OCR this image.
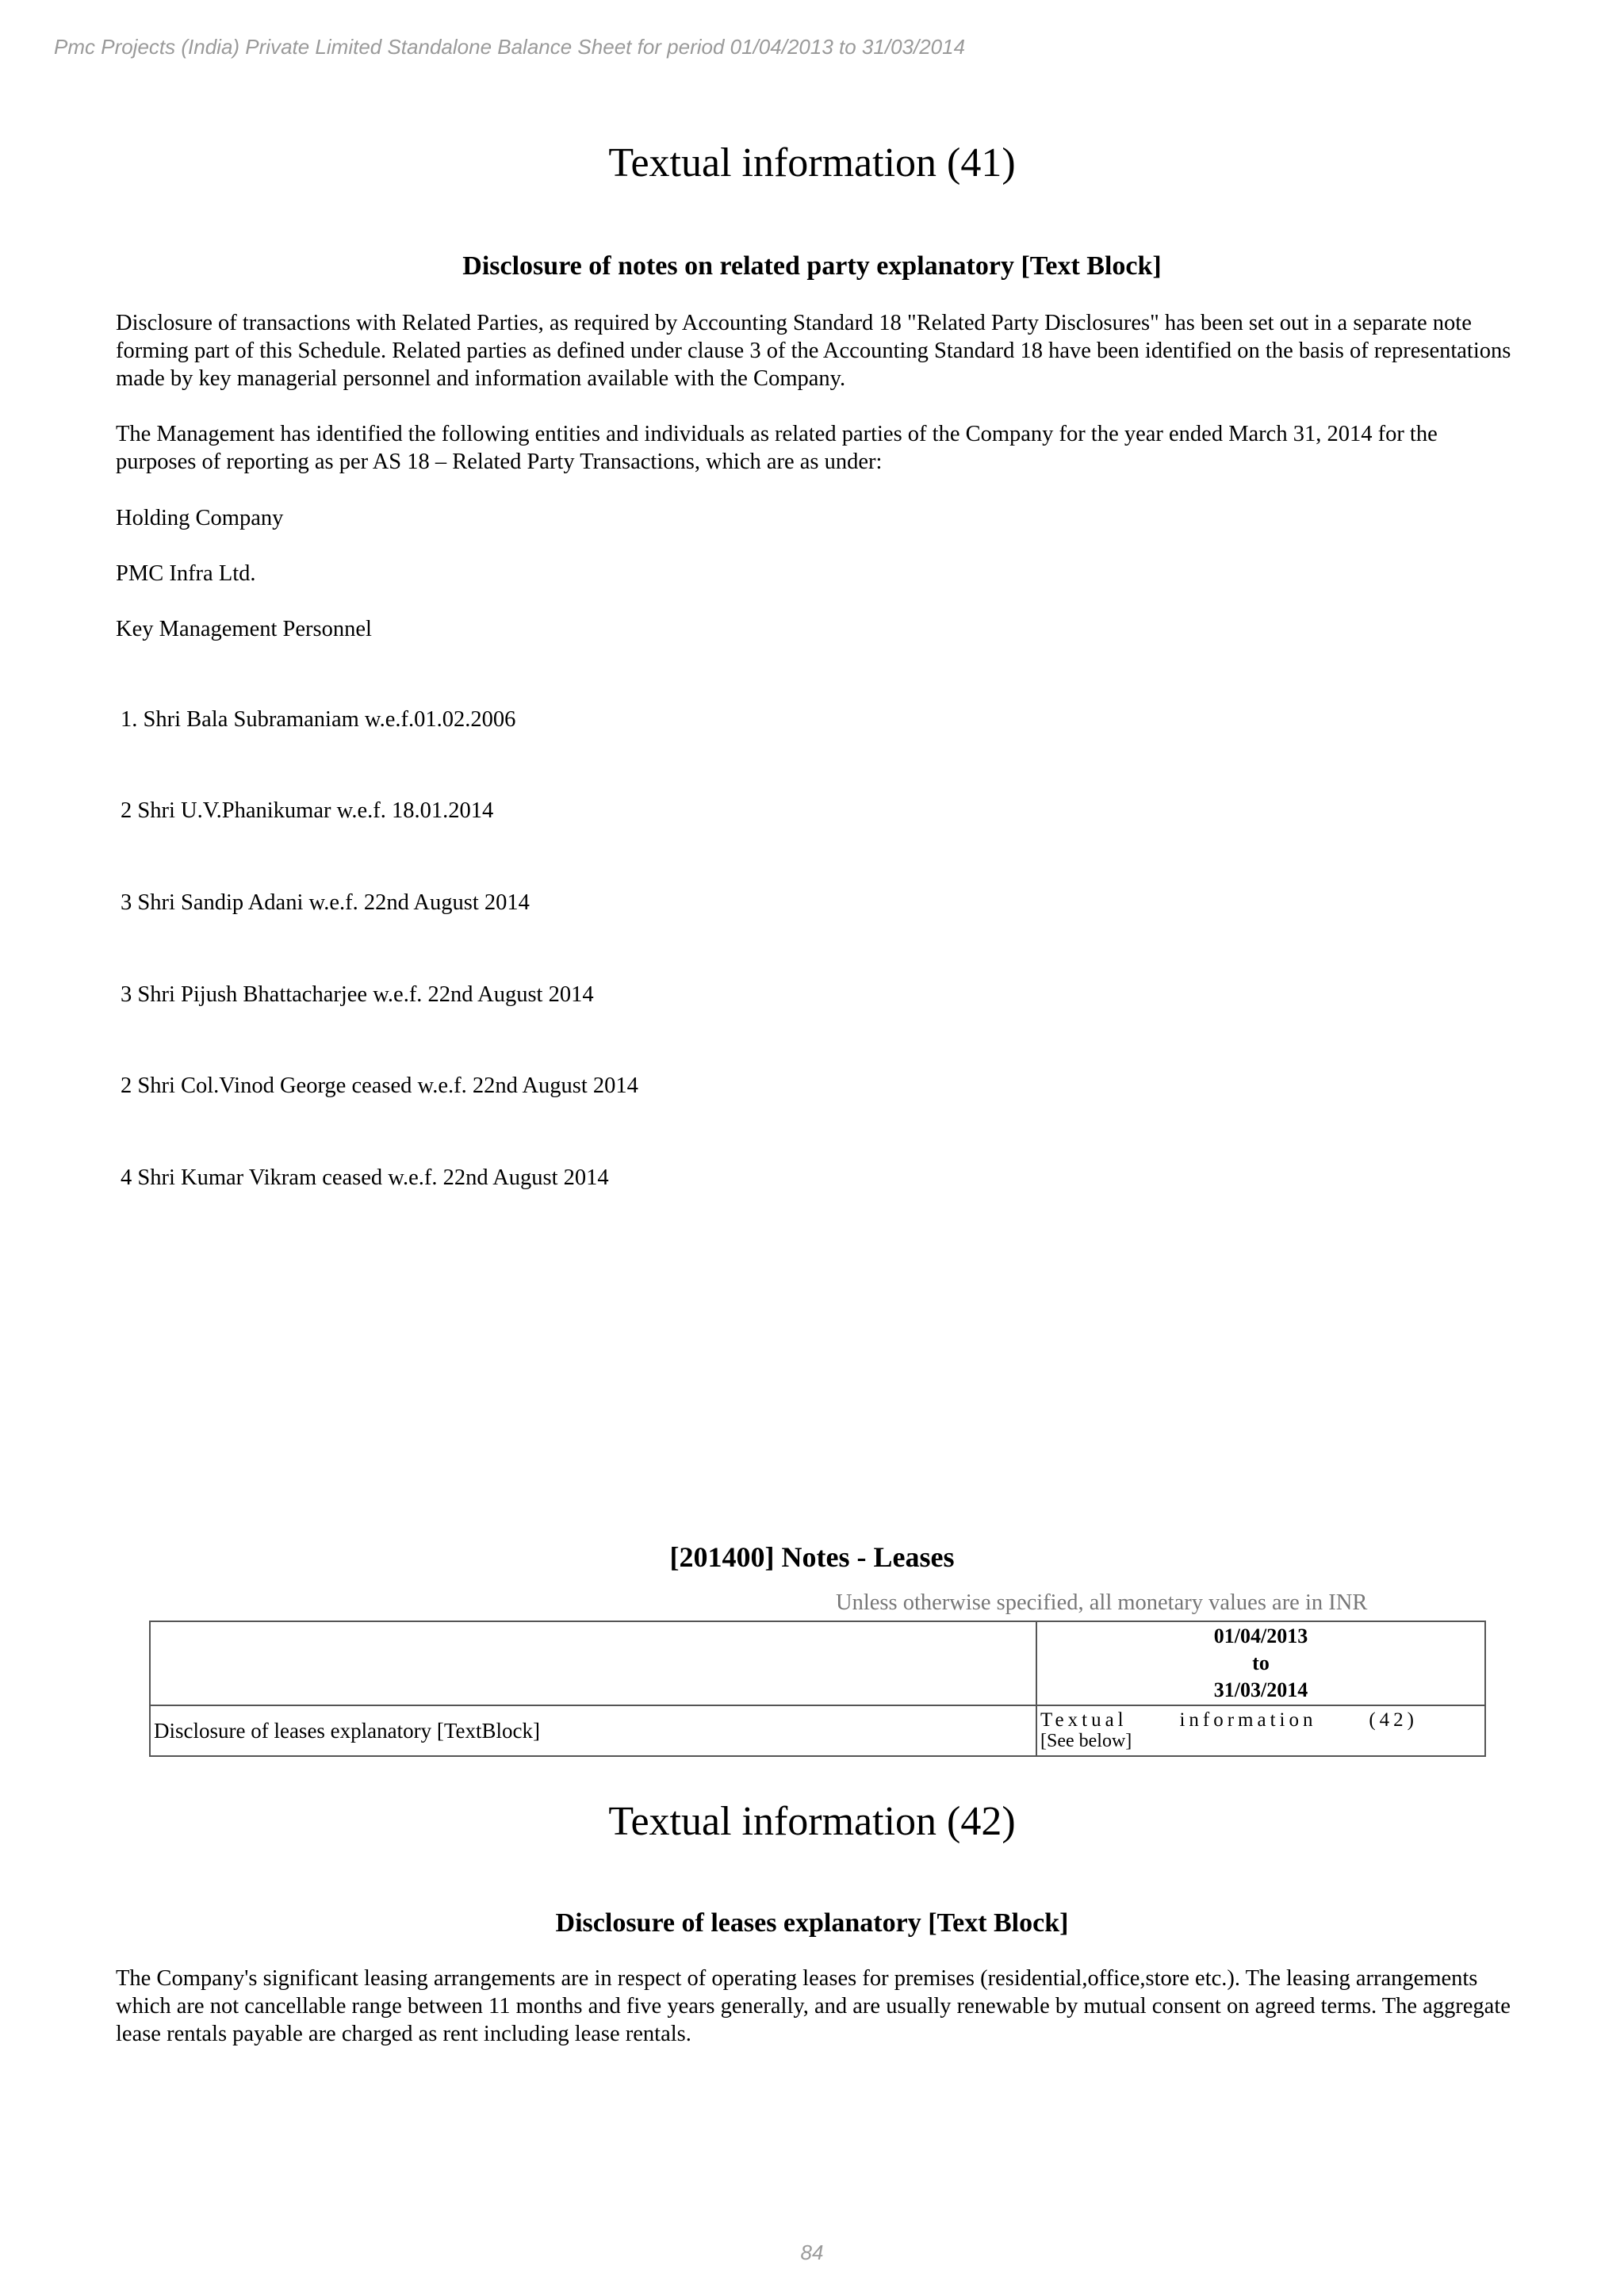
Pmc Projects (India) Private Limited Standalone Balance Sheet for period 01/04/2013 to 31/03/2014
Textual information (41)
Disclosure of notes on related party explanatory [Text Block]
Disclosure of transactions with Related Parties, as required by Accounting Standard 18 "Related Party Disclosures" has been set out in a separate note forming part of this Schedule. Related parties as defined under clause 3 of the Accounting Standard 18 have been identified on the basis of representations made by key managerial personnel and information available with the Company.
The Management has identified the following entities and individuals as related parties of the Company for the year ended March 31, 2014 for the purposes of reporting as per AS 18 – Related Party Transactions, which are as under:
Holding Company
PMC Infra Ltd.
Key Management Personnel
1. Shri Bala Subramaniam w.e.f.01.02.2006
2 Shri U.V.Phanikumar w.e.f. 18.01.2014
3 Shri Sandip Adani w.e.f. 22nd August 2014
3 Shri Pijush Bhattacharjee w.e.f. 22nd August 2014
2 Shri Col.Vinod George ceased w.e.f. 22nd August 2014
4 Shri Kumar Vikram ceased w.e.f. 22nd August 2014
[201400] Notes - Leases
Unless otherwise specified, all monetary values are in INR

	01/04/2013
to
31/03/2014

Disclosure of leases explanatory [TextBlock]	Textual information (42)
[See below]
Textual information (42)
Disclosure of leases explanatory [Text Block]
The Company's significant leasing arrangements are in respect of operating leases for premises (residential,office,store etc.). The leasing arrangements which are not cancellable range between 11 months and five years generally, and are usually renewable by mutual consent on agreed terms. The aggregate lease rentals payable are charged as rent including lease rentals.
84
